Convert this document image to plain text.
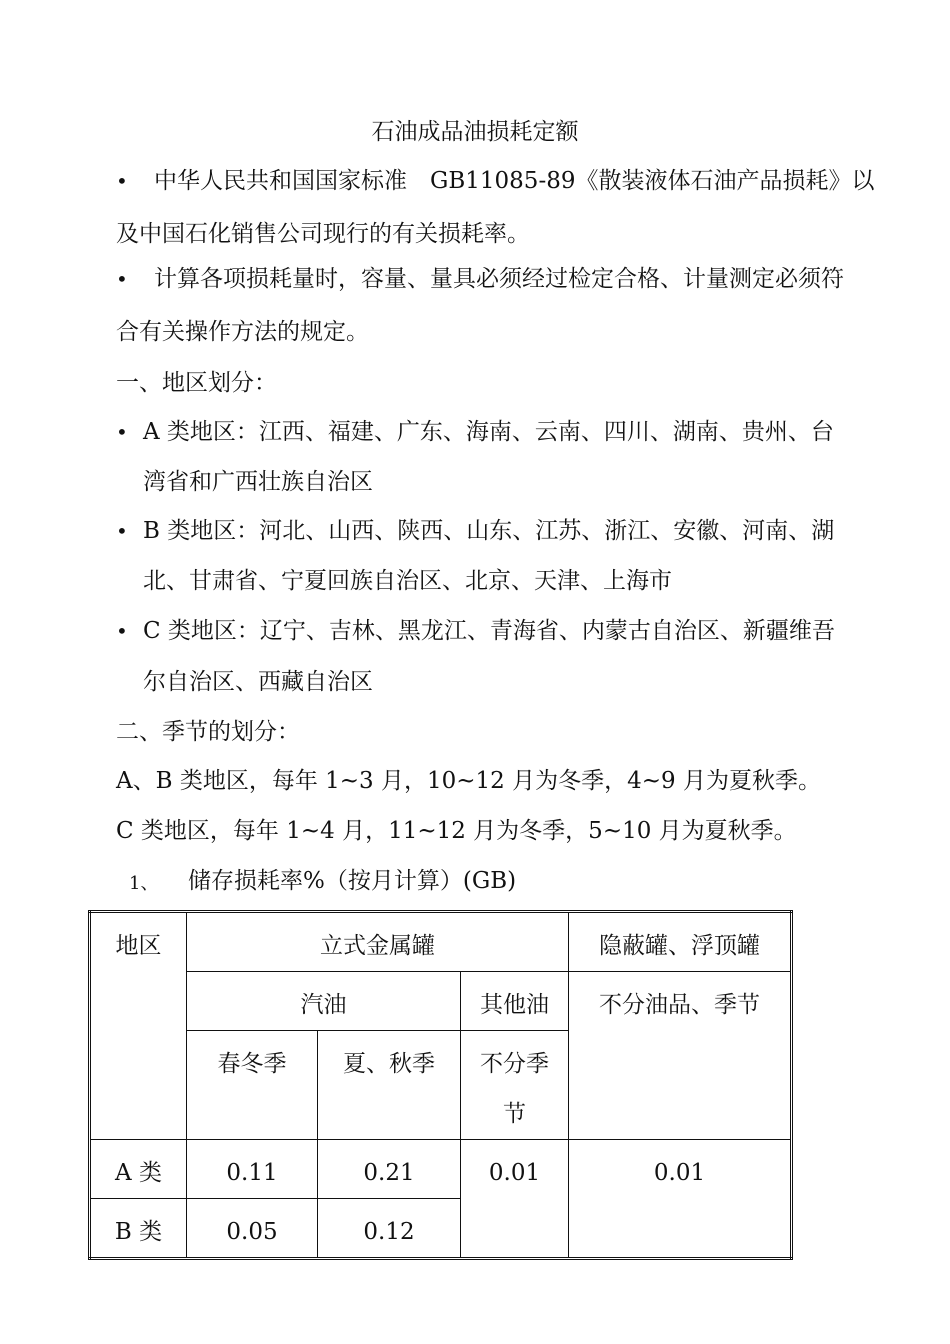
石油成品油损耗定额
• 中华人民共和国国家标准　GB11085-89《散装液体石油产品损耗》以
及中国石化销售公司现行的有关损耗率。
• 计算各项损耗量时，容量、量具必须经过检定合格、计量测定必须符
合有关操作方法的规定。
一、地区划分：
• A 类地区：江西、福建、广东、海南、云南、四川、湖南、贵州、台
湾省和广西壮族自治区
• B 类地区：河北、山西、陕西、山东、江苏、浙江、安徽、河南、湖
北、甘肃省、宁夏回族自治区、北京、天津、上海市
• C 类地区：辽宁、吉林、黑龙江、青海省、内蒙古自治区、新疆维吾
尔自治区、西藏自治区
二、季节的划分：
A、B 类地区，每年 1~3 月，10~12 月为冬季，4~9 月为夏秋季。
C 类地区，每年 1~4 月，11~12 月为冬季，5~10 月为夏秋季。
1、 储存损耗率%（按月计算）(GB)
地区	立式金属罐			隐蔽罐、浮顶罐
	汽油		其他油	不分油品、季节
	春冬季	夏、秋季	不分季
节	

A 类	0.11	0.21	0.01	0.01
B 类	0.05	0.12		
